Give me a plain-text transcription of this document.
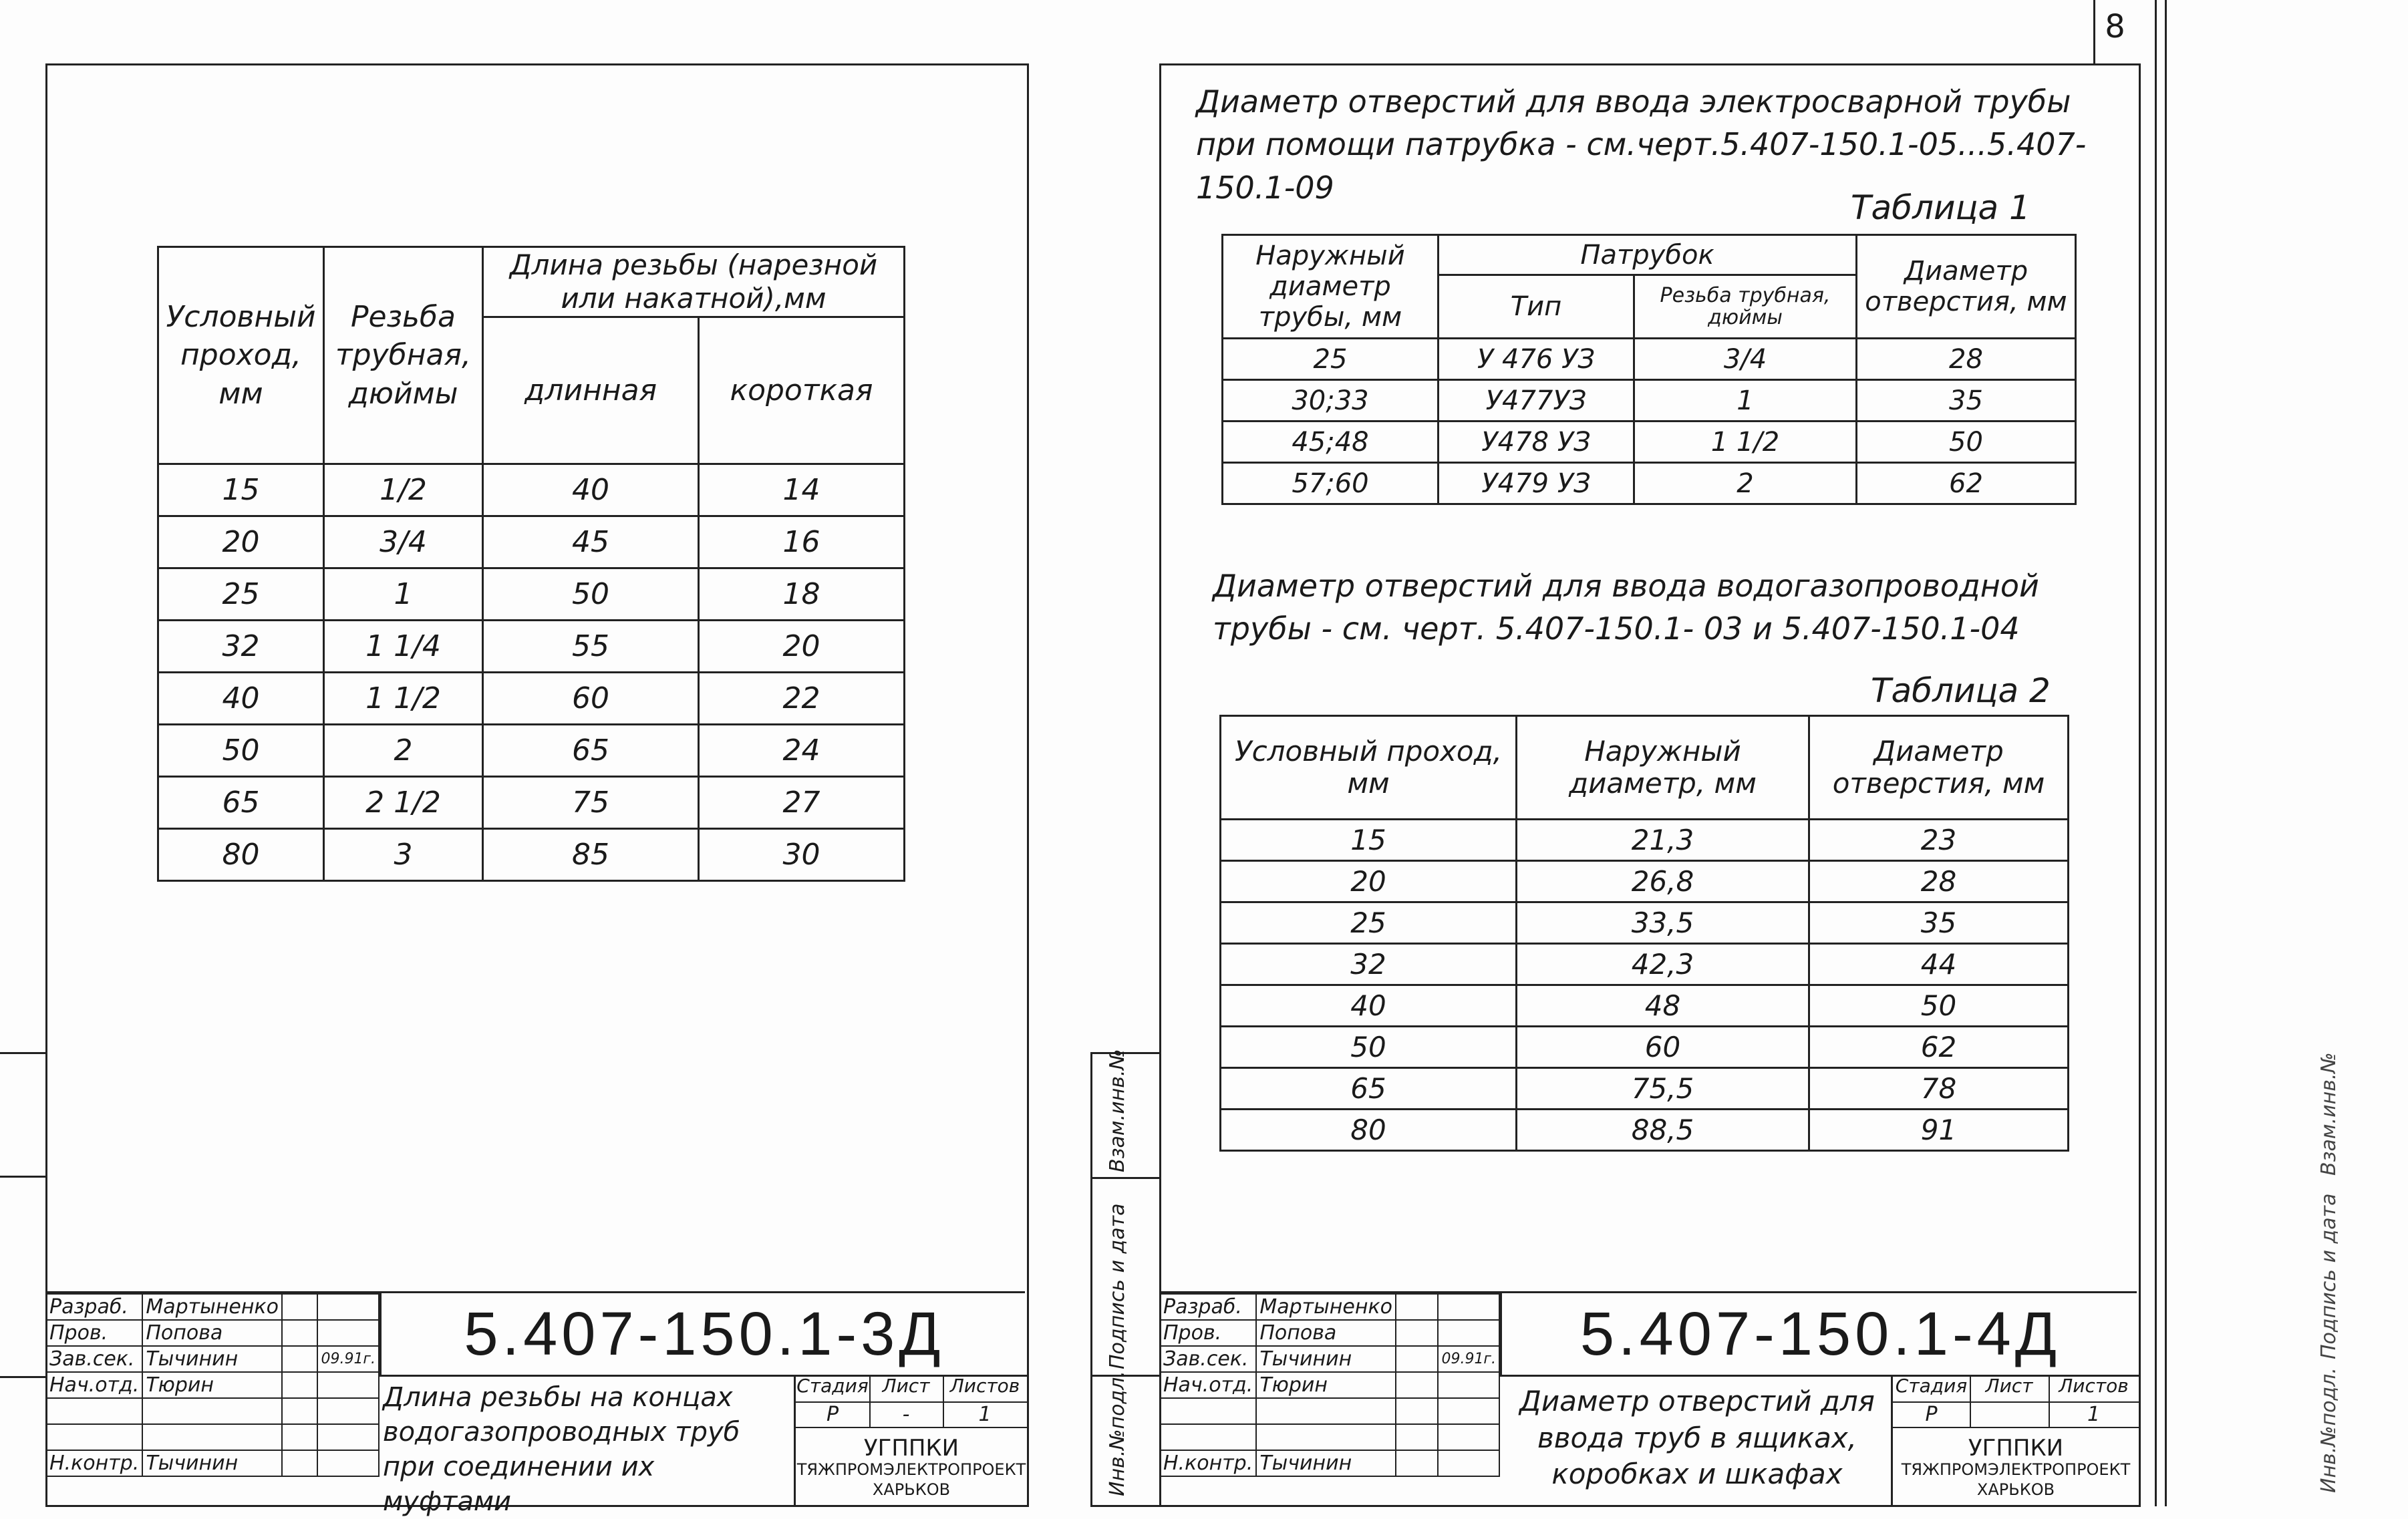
Условный проход, мм	Резьба трубная, дюймы	Длина резьбы (нарезной или накатной),мм	
		длинная	короткая
15	1/2	40	14
20	3/4	45	16
25	1	50	18
32	1 1/4	55	20
40	1 1/2	60	22
50	2	65	24
65	2 1/2	75	27
80	3	85	30
Разраб.	Мартыненко		
Пров.	Попова		
Зав.сек.	Тычинин		09.91г.
Нач.отд.	Тюрин		

Н.контр.	Тычинин		
5.407-150.1-3Д
Длина резьбы на концах водогазопроводных труб при соединении их муфтами
Стадия Лист	Листов
Р	-	1
УГППКИ
ТЯЖПРОМЭЛЕКТРОПРОЕКТ
ХАРЬКОВ
8
Инв.№подл.
Подпись и дата
Взам.инв.№
Диаметр отверстий для ввода электросварной трубы при помощи патрубка - см.черт.5.407-150.1-05...5.407-150.1-09
Таблица 1
Наружный диаметр трубы, мм	Патрубок		Диаметр отверстия, мм
	Тип	Резьба трубная, дюймы	
25	У 476 УЗ	3/4	28
30;33	У477УЗ	1	35
45;48	У478 УЗ	1 1/2	50
57;60	У479 УЗ	2	62
Диаметр отверстий для ввода водогазопроводной трубы - см. черт. 5.407-150.1- 03 и 5.407-150.1-04
Таблица 2
Условный проход, мм	Наружный диаметр, мм	Диаметр отверстия, мм
15	21,3	23
20	26,8	28
25	33,5	35
32	42,3	44
40	48	50
50	60	62
65	75,5	78
80	88,5	91
Разраб.	Мартыненко		
Пров.	Попова		
Зав.сек.	Тычинин		09.91г.
Нач.отд.	Тюрин		

Н.контр.	Тычинин		
5.407-150.1-4Д
Диаметр отверстий для ввода труб в ящиках, коробках и шкафах
Стадия Лист	Листов
Р	1
УГППКИ
ТЯЖПРОМЭЛЕКТРОПРОЕКТ
ХАРЬКОВ	Инв.№подл.
Подпись и дата
Взам.инв.№
